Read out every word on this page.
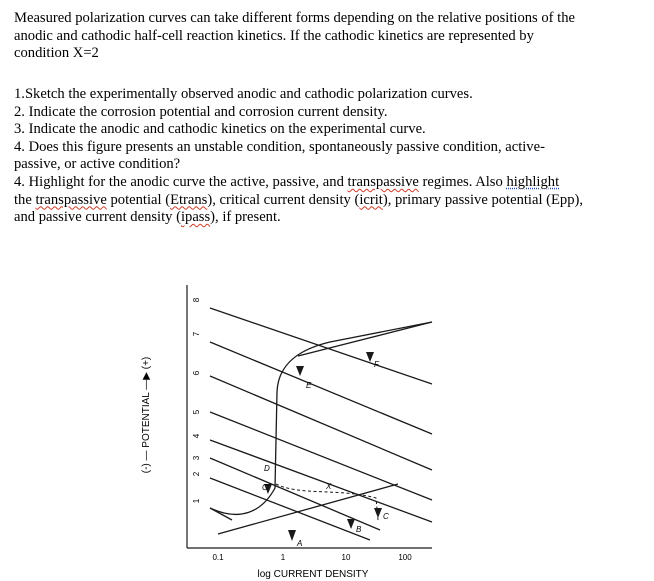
Measured polarization curves can take different forms depending on the relative positions of the
anodic and cathodic half-cell reaction kinetics. If the cathodic kinetics are represented by
condition X=2
1.Sketch the experimentally observed anodic and cathodic polarization curves.
2. Indicate the corrosion potential and corrosion current density.
3. Indicate the anodic and cathodic kinetics on the experimental curve.
4. Does this figure presents an unstable condition, spontaneously passive condition, active-
passive, or active condition?
4. Highlight for the anodic curve the active, passive, and transpassive regimes. Also highlight
the transpassive potential (Etrans), critical current density (icrit), primary passive potential (Epp),
and passive current density (ipass), if present.
(-) — POTENTIAL —▶ (+)
8
7
6
5
4
3
2
1
0.1	1	10	100
log CURRENT DENSITY
A
B
C
C'
D
E
F
X
